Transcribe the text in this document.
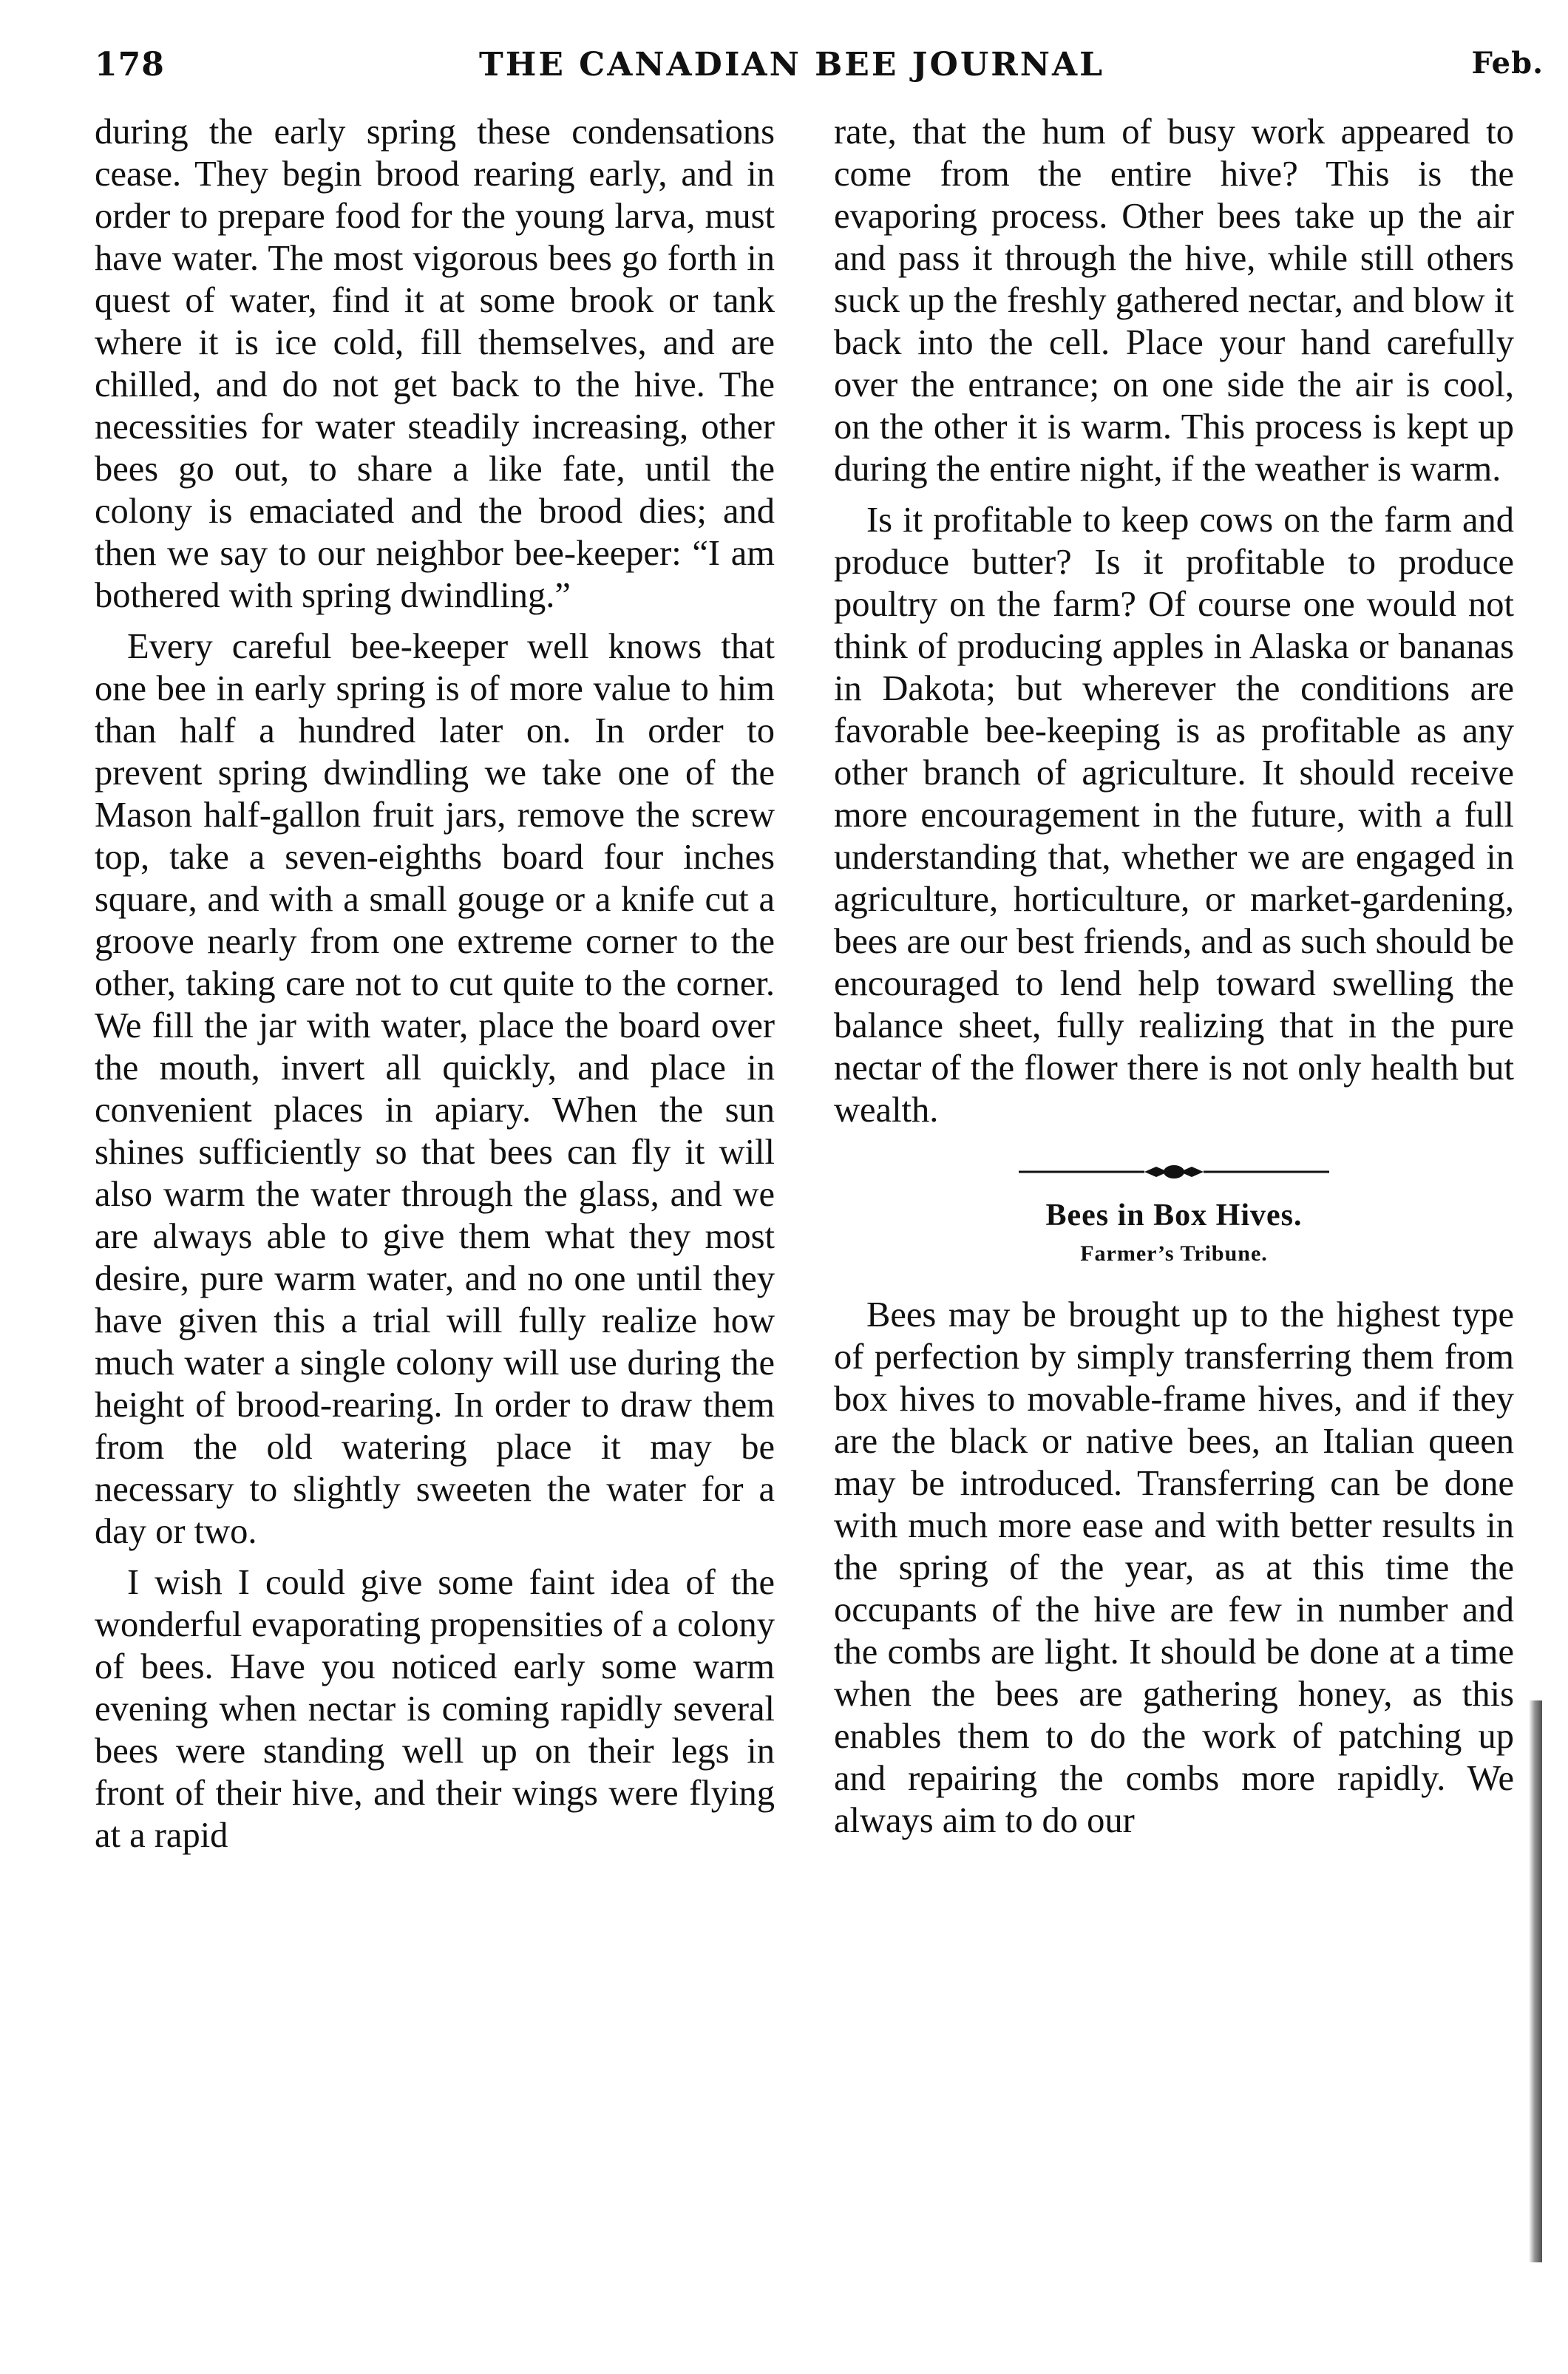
178	THE CANADIAN BEE JOURNAL	Feb.

during the early spring these condensations cease. They begin brood rearing early, and in order to prepare food for the young larva, must have water. The most vigorous bees go forth in quest of water, find it at some brook or tank where it is ice cold, fill themselves, and are chilled, and do not get back to the hive. The necessities for water steadily increasing, other bees go out, to share a like fate, until the colony is emaciated and the brood dies; and then we say to our neighbor bee-keeper: “I am bothered with spring dwindling.”

Every careful bee-keeper well knows that one bee in early spring is of more value to him than half a hundred later on. In order to prevent spring dwindling we take one of the Mason half-gallon fruit jars, remove the screw top, take a seven-eighths board four inches square, and with a small gouge or a knife cut a groove nearly from one extreme corner to the other, taking care not to cut quite to the corner. We fill the jar with water, place the board over the mouth, invert all quickly, and place in convenient places in apiary. When the sun shines sufficiently so that bees can fly it will also warm the water through the glass, and we are always able to give them what they most desire, pure warm water, and no one until they have given this a trial will fully realize how much water a single colony will use during the height of brood-rearing. In order to draw them from the old watering place it may be necessary to slightly sweeten the water for a day or two.

I wish I could give some faint idea of the wonderful evaporating propensities of a colony of bees. Have you noticed early some warm evening when nectar is coming rapidly several bees were standing well up on their legs in front of their hive, and their wings were flying at a rapid

rate, that the hum of busy work appeared to come from the entire hive? This is the evaporing process. Other bees take up the air and pass it through the hive, while still others suck up the freshly gathered nectar, and blow it back into the cell. Place your hand carefully over the entrance; on one side the air is cool, on the other it is warm. This process is kept up during the entire night, if the weather is warm.

Is it profitable to keep cows on the farm and produce butter? Is it profitable to produce poultry on the farm? Of course one would not think of producing apples in Alaska or bananas in Dakota; but wherever the conditions are favorable bee-keeping is as profitable as any other branch of agriculture. It should receive more encouragement in the future, with a full understanding that, whether we are engaged in agriculture, horticulture, or market-gardening, bees are our best friends, and as such should be encouraged to lend help toward swelling the balance sheet, fully realizing that in the pure nectar of the flower there is not only health but wealth.

Bees in Box Hives.
Farmer’s Tribune.

Bees may be brought up to the highest type of perfection by simply transferring them from box hives to movable-frame hives, and if they are the black or native bees, an Italian queen may be introduced. Transferring can be done with much more ease and with better results in the spring of the year, as at this time the occupants of the hive are few in number and the combs are light. It should be done at a time when the bees are gathering honey, as this enables them to do the work of patching up and repairing the combs more rapidly. We always aim to do our
